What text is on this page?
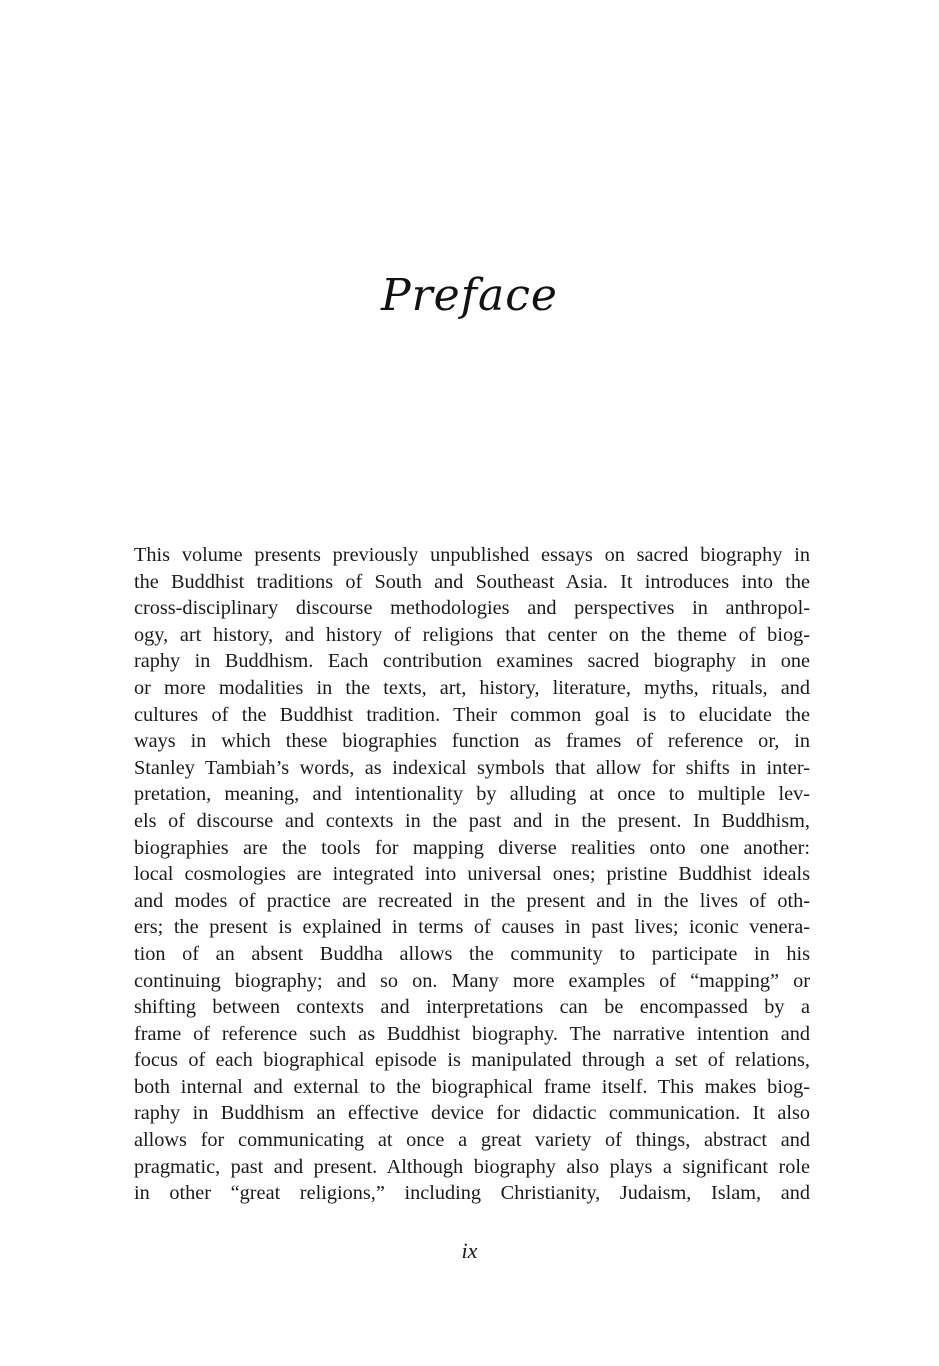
Preface
This volume presents previously unpublished essays on sacred biography in
the Buddhist traditions of South and Southeast Asia. It introduces into the
cross-disciplinary discourse methodologies and perspectives in anthropol-
ogy, art history, and history of religions that center on the theme of biog-
raphy in Buddhism. Each contribution examines sacred biography in one
or more modalities in the texts, art, history, literature, myths, rituals, and
cultures of the Buddhist tradition. Their common goal is to elucidate the
ways in which these biographies function as frames of reference or, in
Stanley Tambiah’s words, as indexical symbols that allow for shifts in inter-
pretation, meaning, and intentionality by alluding at once to multiple lev-
els of discourse and contexts in the past and in the present. In Buddhism,
biographies are the tools for mapping diverse realities onto one another:
local cosmologies are integrated into universal ones; pristine Buddhist ideals
and modes of practice are recreated in the present and in the lives of oth-
ers; the present is explained in terms of causes in past lives; iconic venera-
tion of an absent Buddha allows the community to participate in his
continuing biography; and so on. Many more examples of “mapping” or
shifting between contexts and interpretations can be encompassed by a
frame of reference such as Buddhist biography. The narrative intention and
focus of each biographical episode is manipulated through a set of relations,
both internal and external to the biographical frame itself. This makes biog-
raphy in Buddhism an effective device for didactic communication. It also
allows for communicating at once a great variety of things, abstract and
pragmatic, past and present. Although biography also plays a significant role
in other “great religions,” including Christianity, Judaism, Islam, and
ix
